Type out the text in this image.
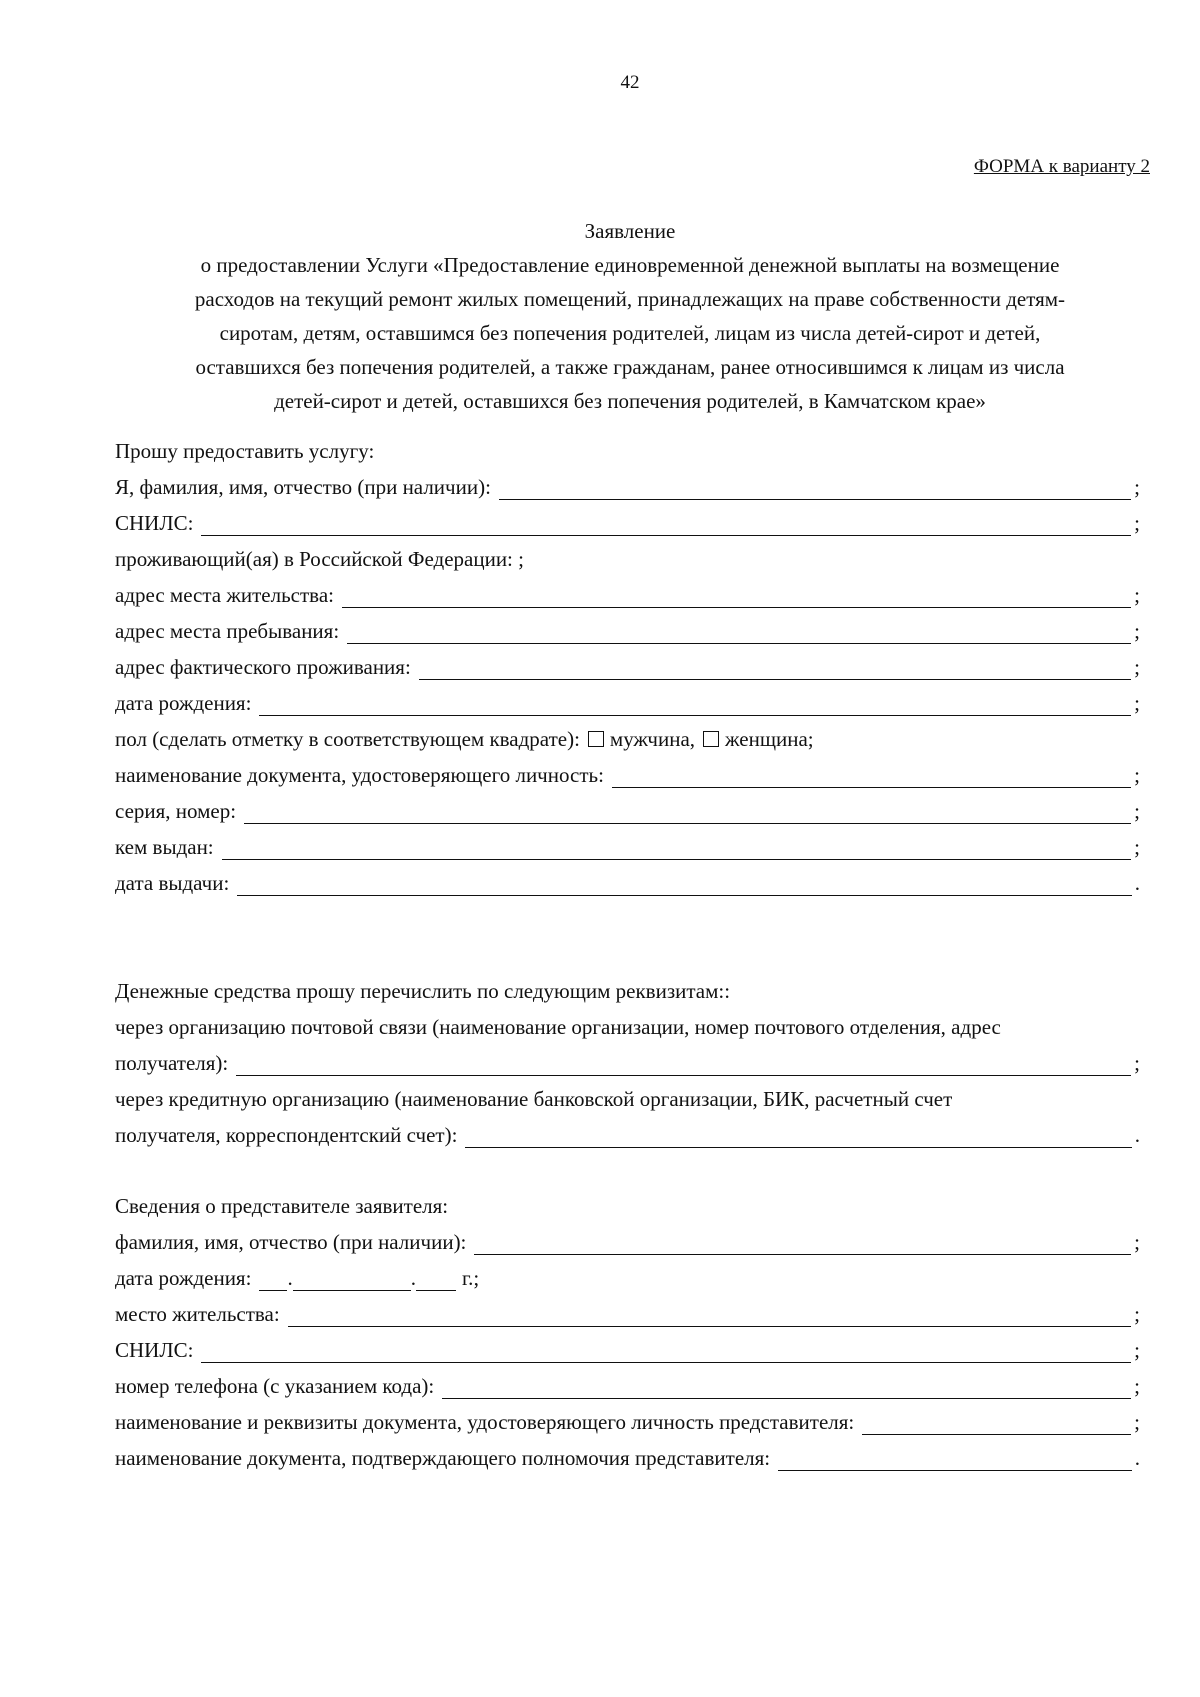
42
ФОРМА к варианту 2
Заявление
о предоставлении Услуги «Предоставление единовременной денежной выплаты на возмещение
расходов на текущий ремонт жилых помещений, принадлежащих на праве собственности детям-
сиротам, детям, оставшимся без попечения родителей, лицам из числа детей-сирот и детей,
оставшихся без попечения родителей, а также гражданам, ранее относившимся к лицам из числа
детей-сирот и детей, оставшихся без попечения родителей, в Камчатском крае»
Прошу предоставить услугу:
Я, фамилия, имя, отчество (при наличии):	;
СНИЛС:	;
проживающий(ая) в Российской Федерации: ;
адрес места жительства:	;
адрес места пребывания:	;
адрес фактического проживания:	;
дата рождения:	;
пол (сделать отметку в соответствующем квадрате):	мужчина,	женщина;
наименование документа, удостоверяющего личность:	;
серия, номер:	;
кем выдан:	;
дата выдачи:	.
Денежные средства прошу перечислить по следующим реквизитам::
через организацию почтовой связи (наименование организации, номер почтового отделения, адрес
получателя):	;
через кредитную организацию (наименование банковской организации, БИК, расчетный счет
получателя, корреспондентский счет):	.
Сведения о представителе заявителя:
фамилия, имя, отчество (при наличии):	;
дата рождения: .	. г.;
место жительства:	;
СНИЛС:	;
номер телефона (с указанием кода):	;
наименование и реквизиты документа, удостоверяющего личность представителя:	;
наименование документа, подтверждающего полномочия представителя:	.
